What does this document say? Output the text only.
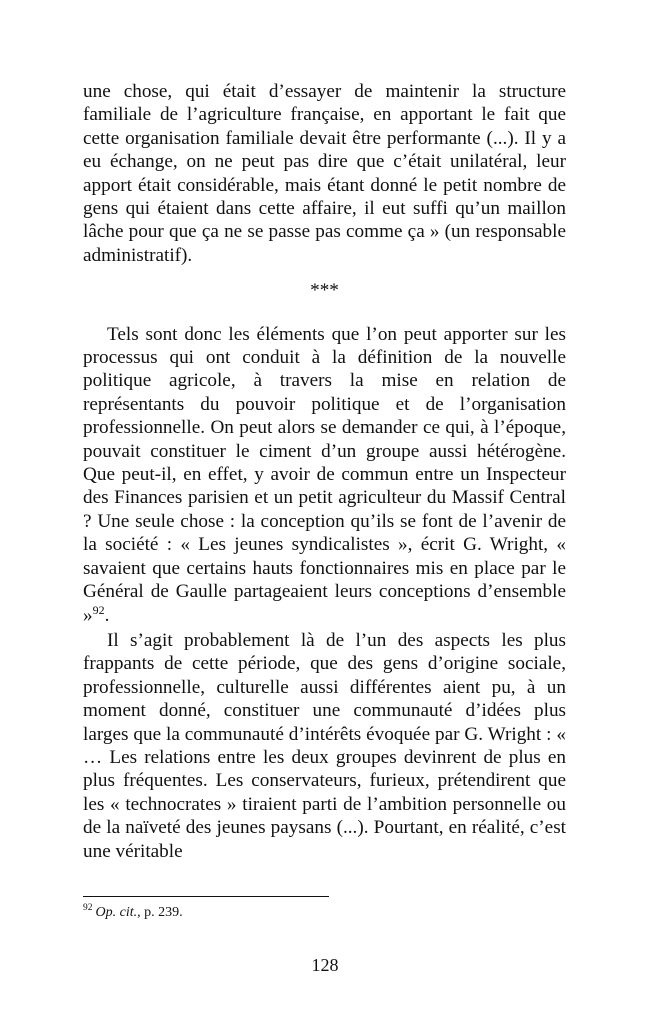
une chose, qui était d’essayer de maintenir la structure familiale de l’agriculture française, en apportant le fait que cette organisation familiale devait être performante (...). Il y a eu échange, on ne peut pas dire que c’était unilatéral, leur apport était considérable, mais étant donné le petit nombre de gens qui étaient dans cette affaire, il eut suffi qu’un maillon lâche pour que ça ne se passe pas comme ça » (un responsable administratif).

***

Tels sont donc les éléments que l’on peut apporter sur les processus qui ont conduit à la définition de la nouvelle politique agricole, à travers la mise en relation de représentants du pouvoir politique et de l’organisation professionnelle. On peut alors se demander ce qui, à l’époque, pouvait constituer le ciment d’un groupe aussi hétérogène. Que peut-il, en effet, y avoir de commun entre un Inspecteur des Finances parisien et un petit agriculteur du Massif Central ? Une seule chose : la conception qu’ils se font de l’avenir de la société : « Les jeunes syndicalistes », écrit G. Wright, « savaient que certains hauts fonctionnaires mis en place par le Général de Gaulle partageaient leurs conceptions d’ensemble »$^{92}$.

Il s’agit probablement là de l’un des aspects les plus frappants de cette période, que des gens d’origine sociale, professionnelle, culturelle aussi différentes aient pu, à un moment donné, constituer une communauté d’idées plus larges que la communauté d’intérêts évoquée par G. Wright : « … Les relations entre les deux groupes devinrent de plus en plus fréquentes. Les conservateurs, furieux, prétendirent que les « technocrates » tiraient parti de l’ambition personnelle ou de la naïveté des jeunes paysans (...). Pourtant, en réalité, c’est une véritable

$^{92}$ Op. cit., p. 239.
128
